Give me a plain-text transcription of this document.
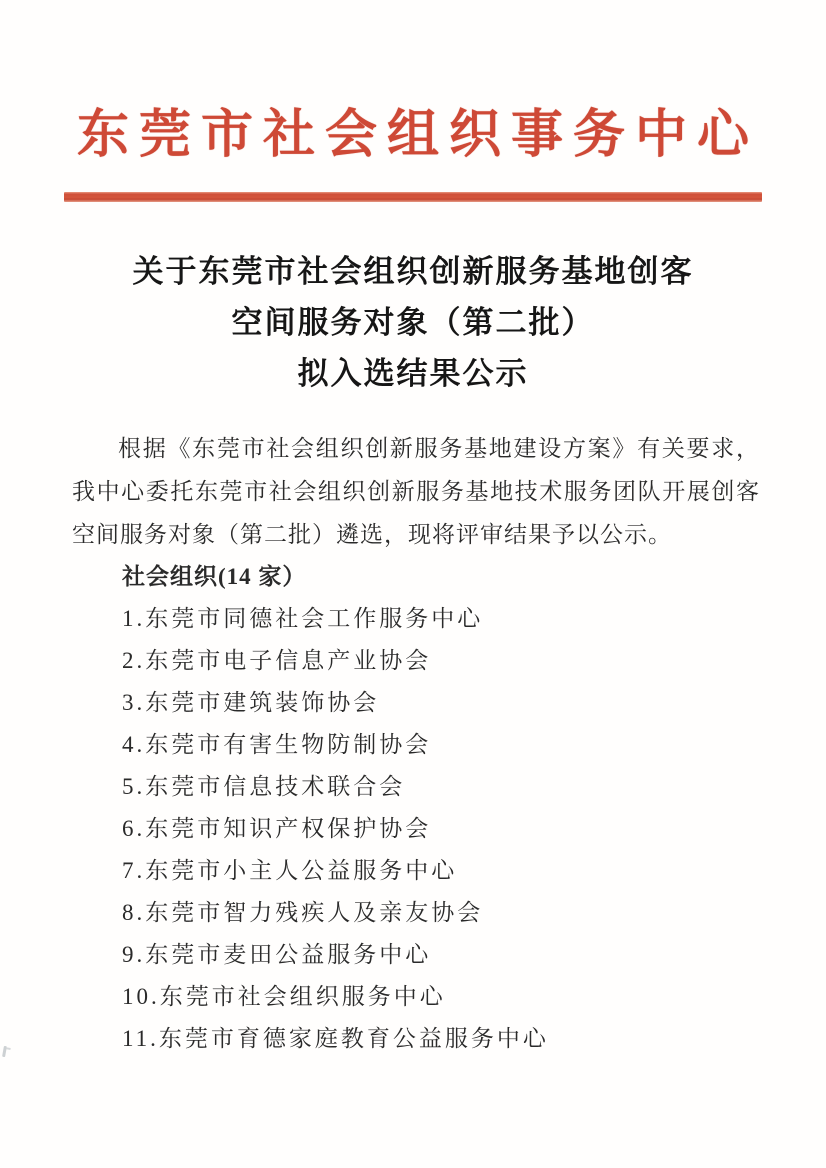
东莞市社会组织事务中心
关于东莞市社会组织创新服务基地创客
空间服务对象（第二批）
拟入选结果公示

根据《东莞市社会组织创新服务基地建设方案》有关要求，我中心委托东莞市社会组织创新服务基地技术服务团队开展创客空间服务对象（第二批）遴选，现将评审结果予以公示。

社会组织(14 家）
1.东莞市同德社会工作服务中心
2.东莞市电子信息产业协会
3.东莞市建筑装饰协会
4.东莞市有害生物防制协会
5.东莞市信息技术联合会
6.东莞市知识产权保护协会
7.东莞市小主人公益服务中心
8.东莞市智力残疾人及亲友协会
9.东莞市麦田公益服务中心
10.东莞市社会组织服务中心
11.东莞市育德家庭教育公益服务中心
